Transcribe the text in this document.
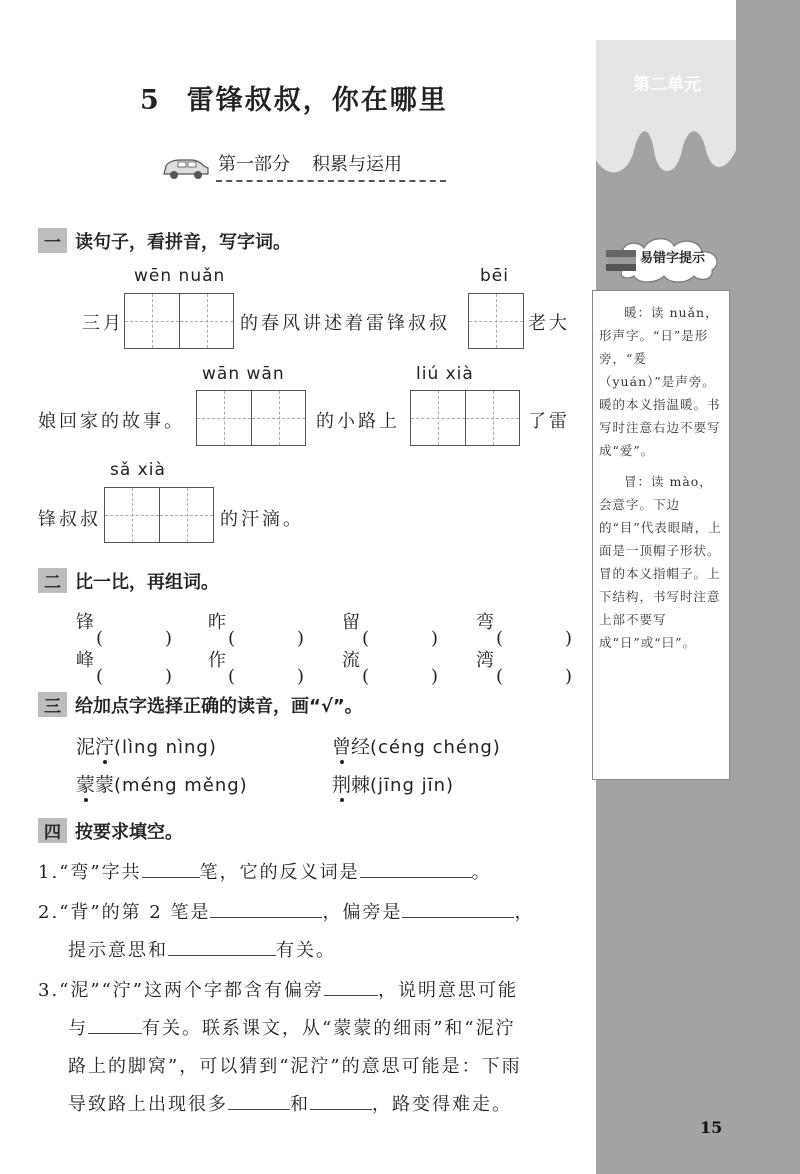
第二单元
易错字提示

暖：读 nuǎn，形声字。“日”是形旁，“爰（yuán）”是声旁。暖的本义指温暖。书写时注意右边不要写成“爱”。

冒：读 mào，会意字。下边的“目”代表眼睛，上面是一顶帽子形状。冒的本义指帽子。上下结构，书写时注意上部不要写成“日”或“曰”。

15
5 雷锋叔叔，你在哪里
第一部分 积累与运用
一 读句子，看拼音，写字词。
wēn nuǎn	bēi
三月	的春风讲述着雷锋叔叔	老大
wān wān	liú xià
娘回家的故事。	的小路上	了雷
sǎ xià
锋叔叔	的汗滴。
二 比一比，再组词。
锋	昨	留	弯
峰	作	流	湾
三 给加点字选择正确的读音，画“√”。
泥泞(lìng nìng)	曾经(céng chéng)
蒙蒙(méng měng)	荆棘(jīng jīn)
四 按要求填空。
1.“弯”字共	笔，它的反义词是	。
2.“背”的第 2 笔是	，偏旁是	，
提示意思和	有关。
3.“泥”“泞”这两个字都含有偏旁	，说明意思可能
与	有关。联系课文，从“蒙蒙的细雨”和“泥泞
路上的脚窝”，可以猜到“泥泞”的意思可能是：下雨
导致路上出现很多	和	，路变得难走。
